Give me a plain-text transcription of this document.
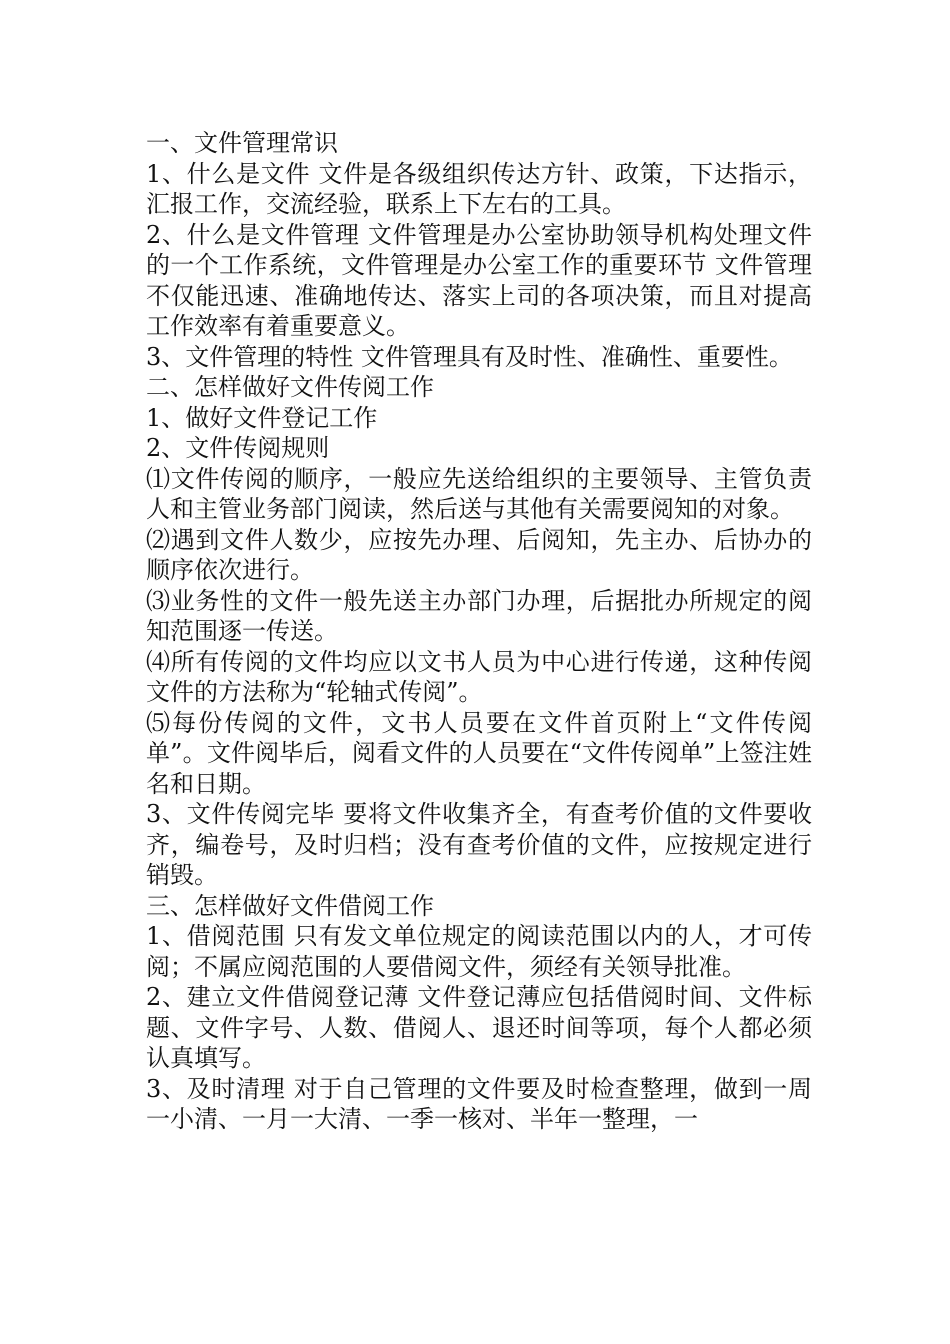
一、文件管理常识

1、什么是文件 文件是各级组织传达方针、政策，下达指示，汇报工作，交流经验，联系上下左右的工具。

2、什么是文件管理 文件管理是办公室协助领导机构处理文件的一个工作系统，文件管理是办公室工作的重要环节 文件管理不仅能迅速、准确地传达、落实上司的各项决策，而且对提高工作效率有着重要意义。

3、文件管理的特性 文件管理具有及时性、准确性、重要性。

二、怎样做好文件传阅工作

1、做好文件登记工作

2、文件传阅规则

⑴文件传阅的顺序，一般应先送给组织的主要领导、主管负责人和主管业务部门阅读，然后送与其他有关需要阅知的对象。

⑵遇到文件人数少，应按先办理、后阅知，先主办、后协办的顺序依次进行。

⑶业务性的文件一般先送主办部门办理，后据批办所规定的阅知范围逐一传送。

⑷所有传阅的文件均应以文书人员为中心进行传递，这种传阅文件的方法称为“轮轴式传阅”。

⑸每份传阅的文件，文书人员要在文件首页附上“文件传阅单”。文件阅毕后，阅看文件的人员要在“文件传阅单”上签注姓名和日期。

3、文件传阅完毕 要将文件收集齐全，有查考价值的文件要收齐，编卷号，及时归档；没有查考价值的文件，应按规定进行销毁。

三、怎样做好文件借阅工作

1、借阅范围 只有发文单位规定的阅读范围以内的人，才可传阅；不属应阅范围的人要借阅文件，须经有关领导批准。

2、建立文件借阅登记薄 文件登记薄应包括借阅时间、文件标题、文件字号、人数、借阅人、退还时间等项，每个人都必须认真填写。

3、及时清理 对于自己管理的文件要及时检查整理，做到一周一小清、一月一大清、一季一核对、半年一整理，一
